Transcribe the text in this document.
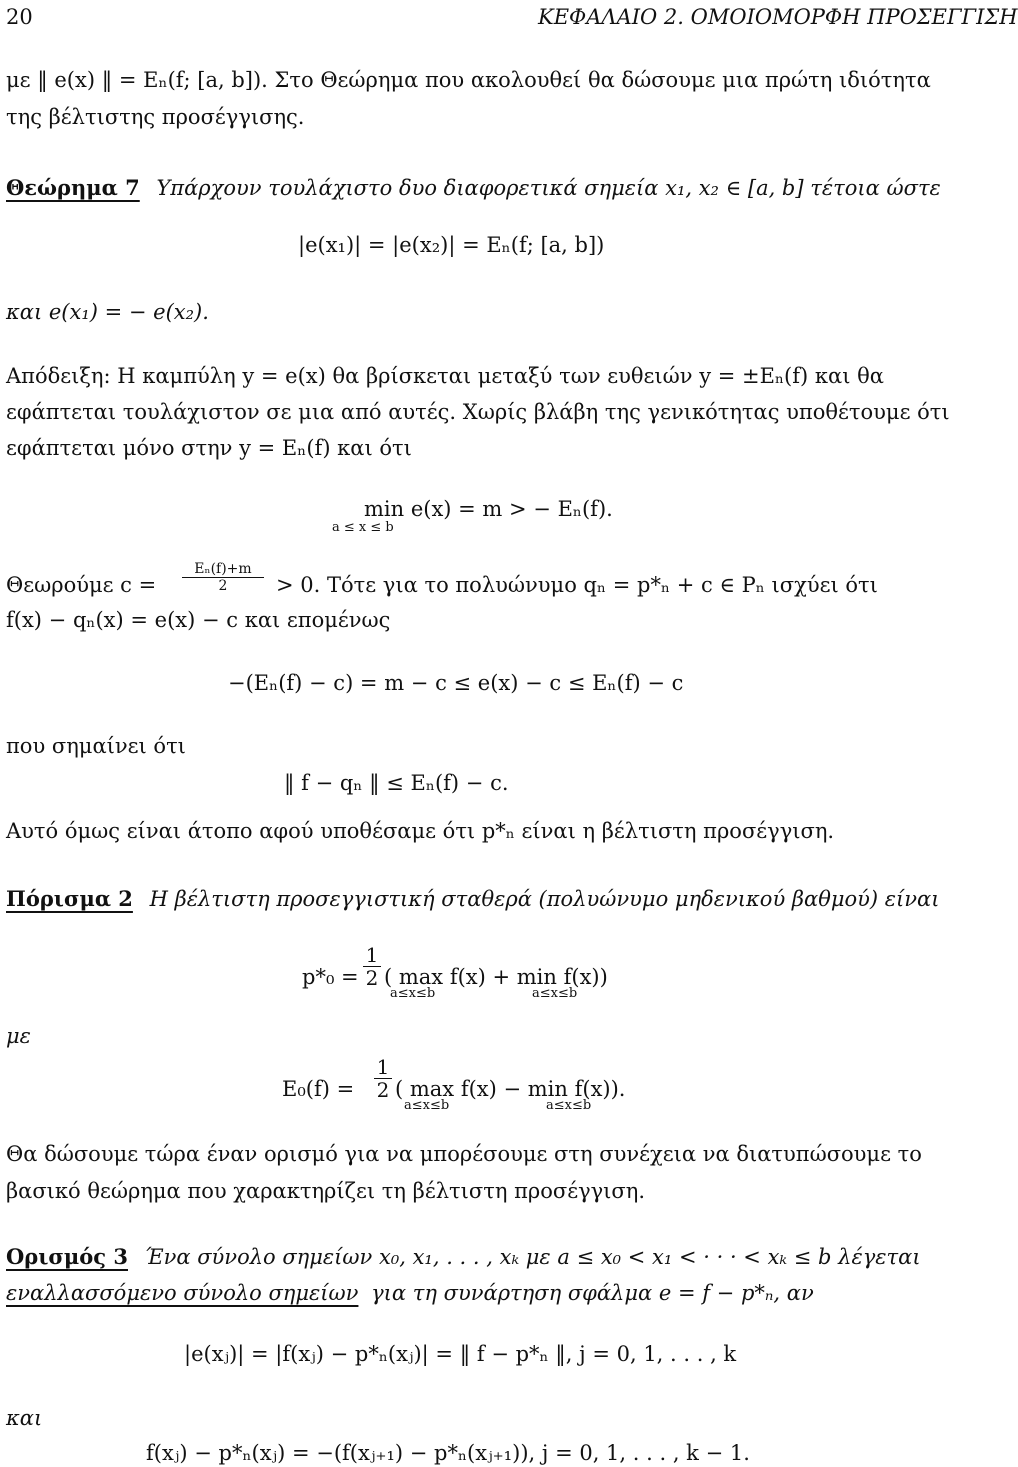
20	ΚΕΦΑΛΑΙΟ 2. ΟΜΟΙΟΜΟΡΦΗ ΠΡΟΣΕΓΓΙΣΗ
με ‖ e(x) ‖ = Eₙ(f; [a, b]). Στο Θεώρημα που ακολουθεί θα δώσουμε μια πρώτη ιδιότητα
της βέλτιστης προσέγγισης.
Θεώρημα 7 Υπάρχουν τουλάχιστο δυο διαφορετικά σημεία x₁, x₂ ∈ [a, b] τέτοια ώστε
|e(x₁)| = |e(x₂)| = Eₙ(f; [a, b])
και e(x₁) = − e(x₂).
Απόδειξη: Η καμπύλη y = e(x) θα βρίσκεται μεταξύ των ευθειών y = ±Eₙ(f) και θα
εφάπτεται τουλάχιστον σε μια από αυτές. Χωρίς βλάβη της γενικότητας υποθέτουμε ότι
εφάπτεται μόνο στην y = Eₙ(f) και ότι
min e(x) = m > − Eₙ(f).
a ≤ x ≤ b
Θεωρούμε $c = \frac{\text{Eₙ(f)+m}}{2} > 0$. Τότε για το πολυώνυμο qₙ = p*ₙ + c ∈ Pₙ ισχύει ότι
f(x) − qₙ(x) = e(x) − c και επομένως
−(Eₙ(f) − c) = m − c ≤ e(x) − c ≤ Eₙ(f) − c
που σημαίνει ότι
‖ f − qₙ ‖ ≤ Eₙ(f) − c.
Αυτό όμως είναι άτοπο αφού υποθέσαμε ότι p*ₙ είναι η βέλτιστη προσέγγιση.
Πόρισμα 2 Η βέλτιστη προσεγγιστική σταθερά (πολυώνυμο μηδενικού βαθμού) είναι
$p*_0 = \frac{1}{2}$ ( max f(x) + min f(x))
a≤x≤b	a≤x≤b
με
$E_0(f) = \frac{1}{2}$ ( max f(x) − min f(x)).
a≤x≤b	a≤x≤b
Θα δώσουμε τώρα έναν ορισμό για να μπορέσουμε στη συνέχεια να διατυπώσουμε το
βασικό θεώρημα που χαρακτηρίζει τη βέλτιστη προσέγγιση.
Ορισμός 3 Ένα σύνολο σημείων x₀, x₁, . . . , xₖ με a ≤ x₀ < x₁ < · · · < xₖ ≤ b λέγεται
εναλλασσόμενο σύνολο σημείων για τη συνάρτηση σφάλμα e = f − p*ₙ, αν
|e(xⱼ)| = |f(xⱼ) − p*ₙ(xⱼ)| = ‖ f − p*ₙ ‖, j = 0, 1, . . . , k
και
f(xⱼ) − p*ₙ(xⱼ) = −(f(xⱼ₊₁) − p*ₙ(xⱼ₊₁)), j = 0, 1, . . . , k − 1.
